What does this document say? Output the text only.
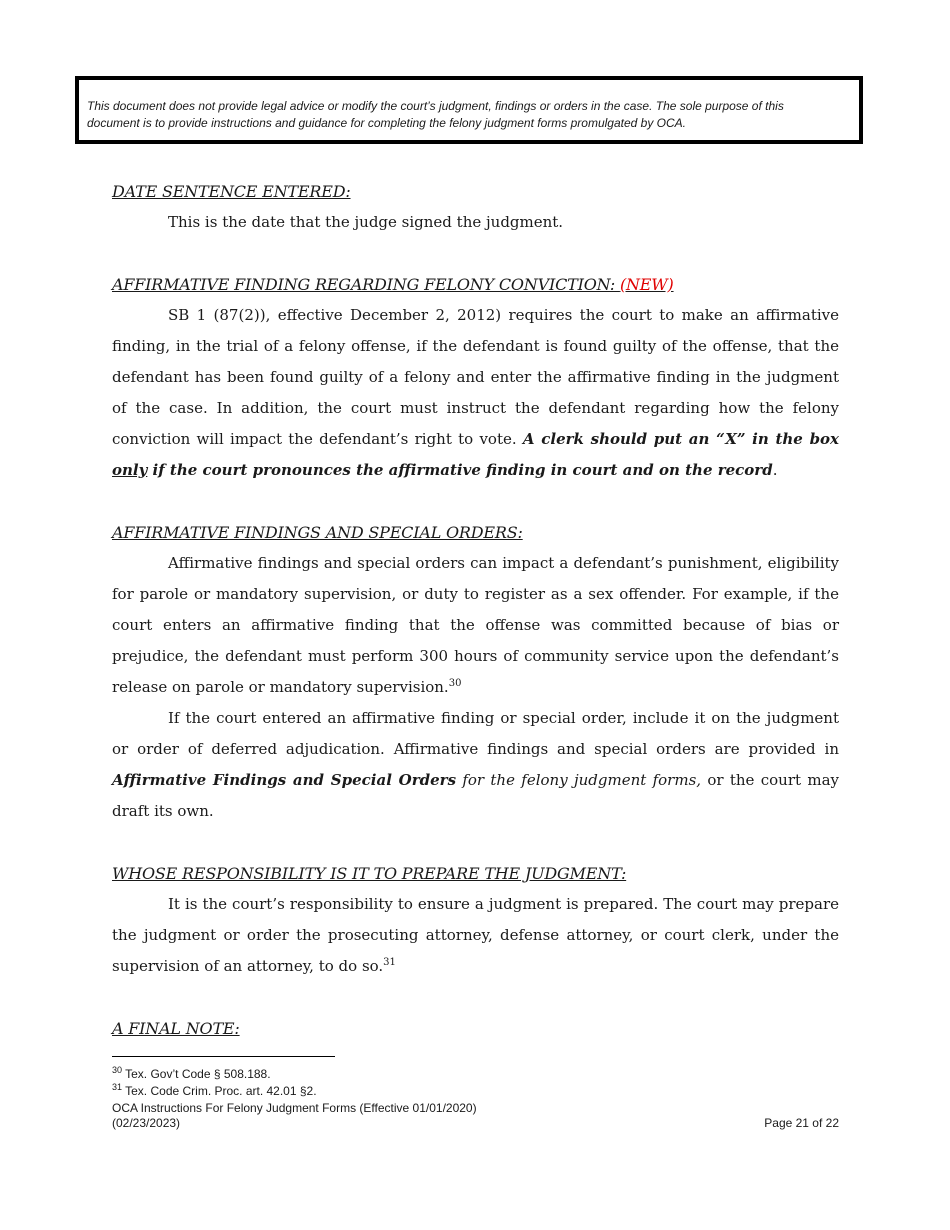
This document does not provide legal advice or modify the court’s judgment, findings or orders in the case. The sole purpose of this
document is to provide instructions and guidance for completing the felony judgment forms promulgated by OCA.
DATE SENTENCE ENTERED:

This is the date that the judge signed the judgment.

AFFIRMATIVE FINDING REGARDING FELONY CONVICTION: (NEW)

SB 1 (87(2)), effective December 2, 2012) requires the court to make an affirmative finding, in the trial of a felony offense, if the defendant is found guilty of the offense, that the defendant has been found guilty of a felony and enter the affirmative finding in the judgment of the case. In addition, the court must instruct the defendant regarding how the felony conviction will impact the defendant’s right to vote. A clerk should put an “X” in the box only if the court pronounces the affirmative finding in court and on the record.

AFFIRMATIVE FINDINGS AND SPECIAL ORDERS:

Affirmative findings and special orders can impact a defendant’s punishment, eligibility for parole or mandatory supervision, or duty to register as a sex offender. For example, if the court enters an affirmative finding that the offense was committed because of bias or prejudice, the defendant must perform 300 hours of community service upon the defendant’s release on parole or mandatory supervision.$^{30}$

If the court entered an affirmative finding or special order, include it on the judgment or order of deferred adjudication. Affirmative findings and special orders are provided in Affirmative Findings and Special Orders for the felony judgment forms, or the court may draft its own.

WHOSE RESPONSIBILITY IS IT TO PREPARE THE JUDGMENT:

It is the court’s responsibility to ensure a judgment is prepared. The court may prepare the judgment or order the prosecuting attorney, defense attorney, or court clerk, under the supervision of an attorney, to do so.$^{31}$

A FINAL NOTE:
$^{30}$ Tex. Gov’t Code § 508.188.
$^{31}$ Tex. Code Crim. Proc. art. 42.01 §2.
OCA Instructions For Felony Judgment Forms (Effective 01/01/2020)
(02/23/2023)	Page 21 of 22
